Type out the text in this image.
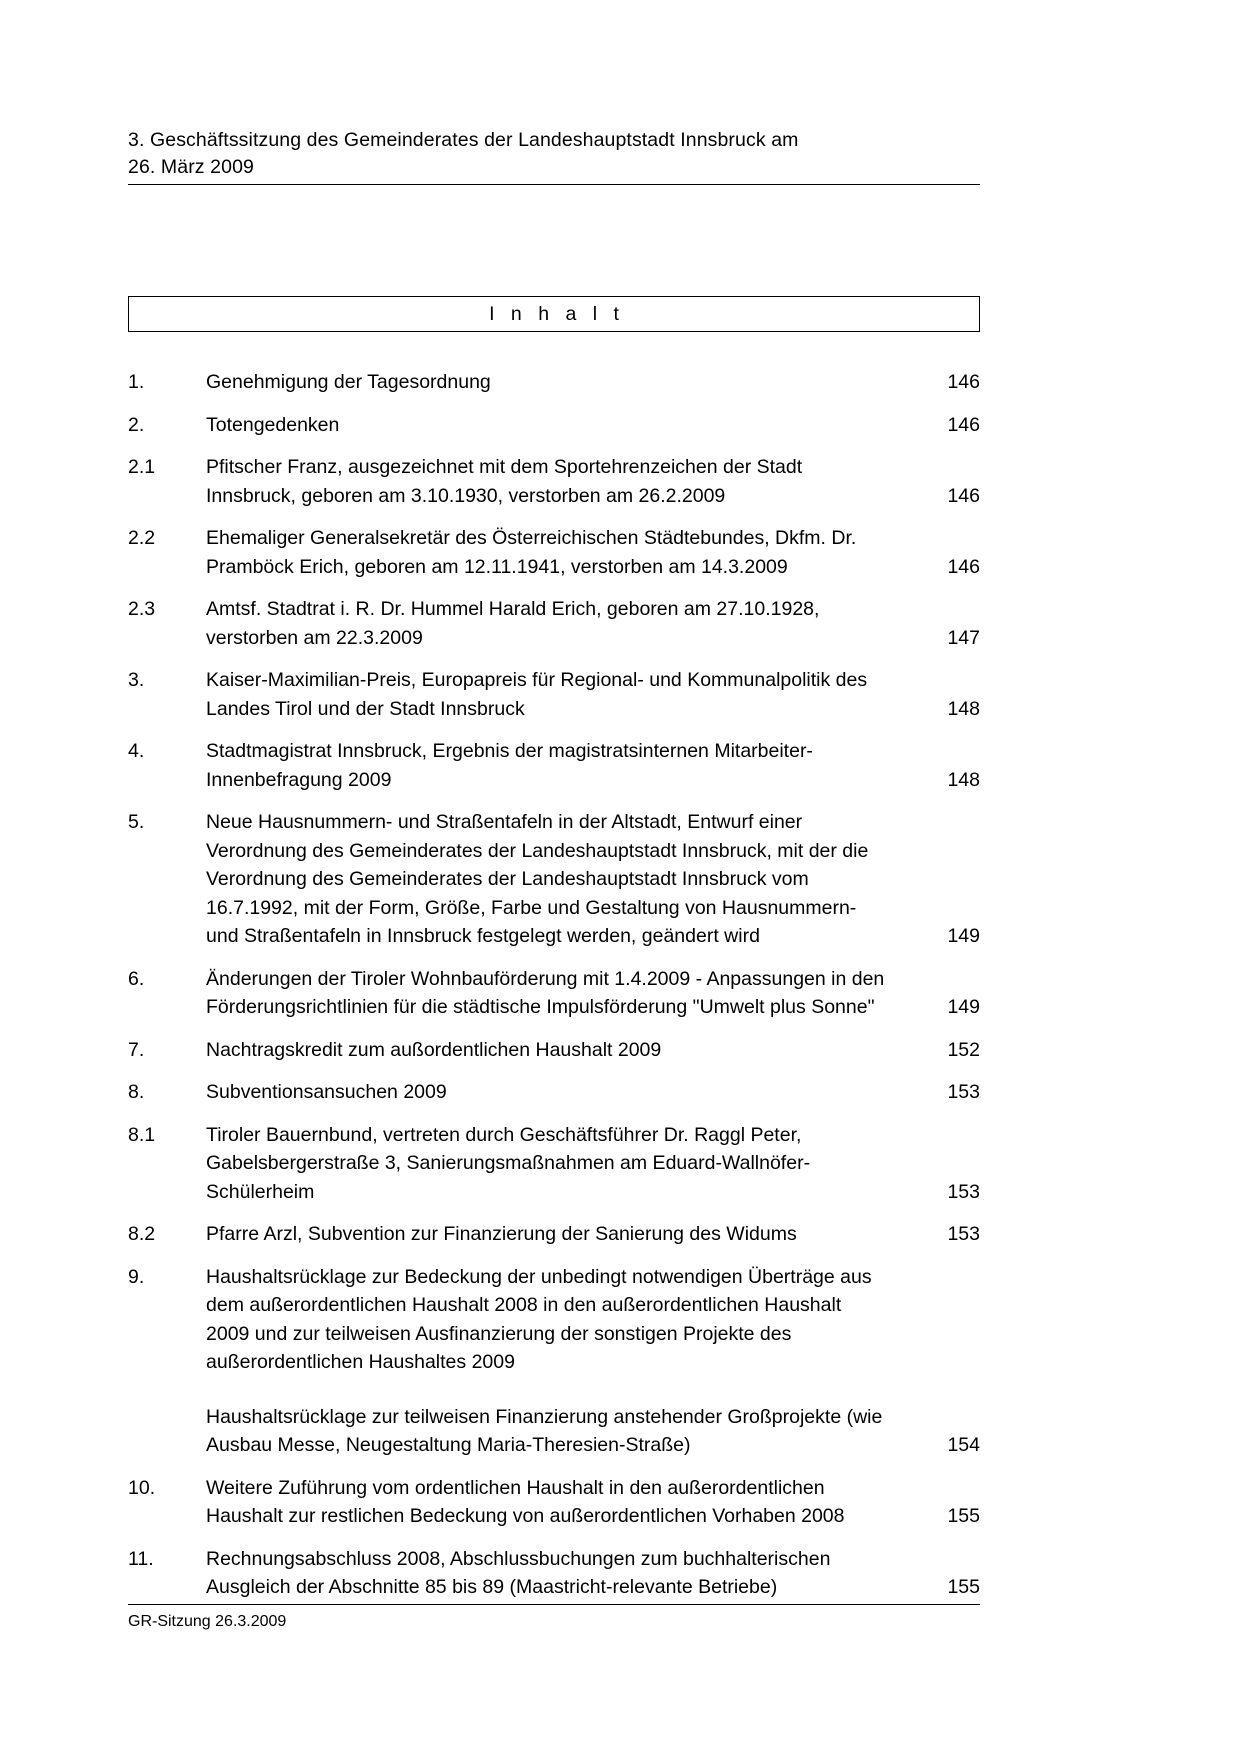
3. Geschäftssitzung des Gemeinderates der Landeshauptstadt Innsbruck am
26. März 2009
I n h a l t
1.	Genehmigung der Tagesordnung	146
2.	Totengedenken	146
2.1	Pfitscher Franz, ausgezeichnet mit dem Sportehrenzeichen der Stadt Innsbruck, geboren am 3.10.1930, verstorben am 26.2.2009	146
2.2	Ehemaliger Generalsekretär des Österreichischen Städtebundes, Dkfm. Dr. Pramböck Erich, geboren am 12.11.1941, verstorben am 14.3.2009	146
2.3	Amtsf. Stadtrat i. R. Dr. Hummel Harald Erich, geboren am 27.10.1928, verstorben am 22.3.2009	147
3.	Kaiser-Maximilian-Preis, Europapreis für Regional- und Kommunalpolitik des Landes Tirol und der Stadt Innsbruck	148
4.	Stadtmagistrat Innsbruck, Ergebnis der magistratsinternen Mitarbeiter-Innenbefragung 2009	148
5.	Neue Hausnummern- und Straßentafeln in der Altstadt, Entwurf einer Verordnung des Gemeinderates der Landeshauptstadt Innsbruck, mit der die Verordnung des Gemeinderates der Landeshauptstadt Innsbruck vom 16.7.1992, mit der Form, Größe, Farbe und Gestaltung von Hausnummern- und Straßentafeln in Innsbruck festgelegt werden, geändert wird	149
6.	Änderungen der Tiroler Wohnbauförderung mit 1.4.2009 - Anpassungen in den Förderungsrichtlinien für die städtische Impulsförderung "Umwelt plus Sonne"	149
7.	Nachtragskredit zum außordentlichen Haushalt 2009	152
8.	Subventionsansuchen 2009	153
8.1	Tiroler Bauernbund, vertreten durch Geschäftsführer Dr. Raggl Peter, Gabelsbergerstraße 3, Sanierungsmaßnahmen am Eduard-Wallnöfer-Schülerheim	153
8.2	Pfarre Arzl, Subvention zur Finanzierung der Sanierung des Widums	153
9.	Haushaltsrücklage zur Bedeckung der unbedingt notwendigen Überträge aus dem außerordentlichen Haushalt 2008 in den außerordentlichen Haushalt 2009 und zur teilweisen Ausfinanzierung der sonstigen Projekte des außerordentlichen Haushaltes 2009
Haushaltsrücklage zur teilweisen Finanzierung anstehender Großprojekte (wie Ausbau Messe, Neugestaltung Maria-Theresien-Straße)	154
10.	Weitere Zuführung vom ordentlichen Haushalt in den außerordentlichen Haushalt zur restlichen Bedeckung von außerordentlichen Vorhaben 2008	155
11.	Rechnungsabschluss 2008, Abschlussbuchungen zum buchhalterischen Ausgleich der Abschnitte 85 bis 89 (Maastricht-relevante Betriebe)	155
GR-Sitzung 26.3.2009
